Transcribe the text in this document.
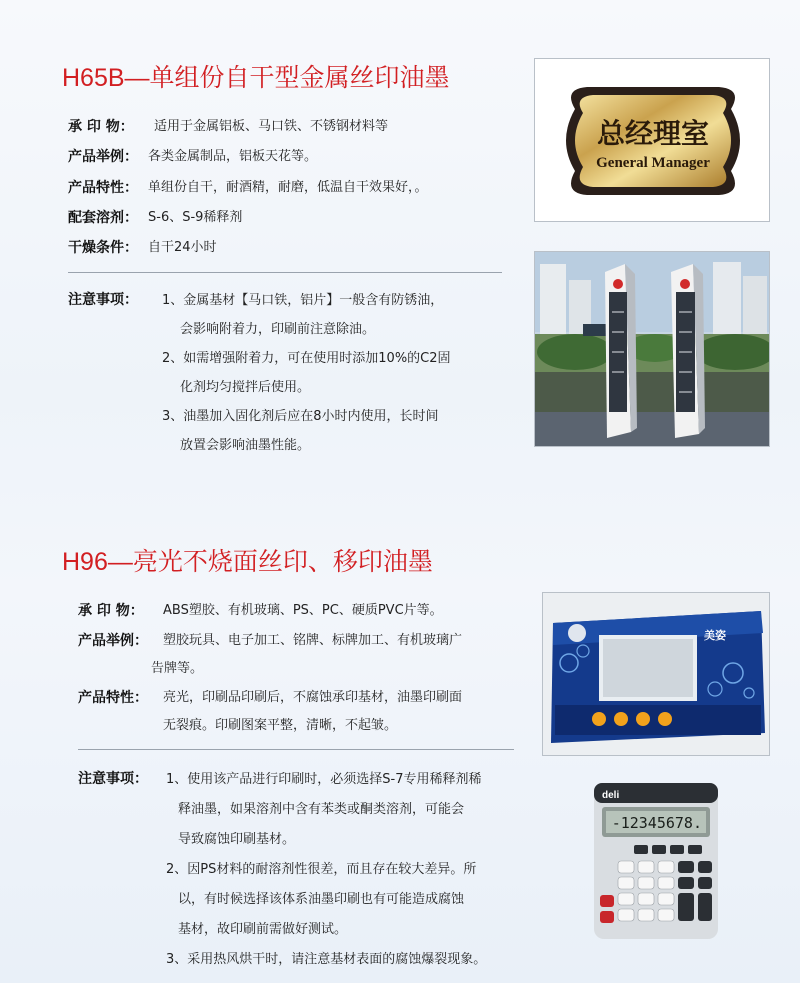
H65B—单组份自干型金属丝印油墨
承 印 物：	适用于金属铝板、马口铁、不锈钢材料等
产品举例： 各类金属制品，铝板天花等。
产品特性： 单组份自干，耐酒精，耐磨，低温自干效果好，。
配套溶剂： S-6、S-9稀释剂
干燥条件： 自干24小时
注意事项： 1、金属基材【马口铁，铝片】一般含有防锈油，
会影响附着力，印刷前注意除油。
2、如需增强附着力，可在使用时添加10%的C2固
化剂均匀搅拌后使用。
3、油墨加入固化剂后应在8小时内使用，长时间
放置会影响油墨性能。
总经理室
General Manager
H96—亮光不烧面丝印、移印油墨
承 印 物：	ABS塑胶、有机玻璃、PS、PC、硬质PVC片等。
产品举例：	塑胶玩具、电子加工、铭牌、标牌加工、有机玻璃广
告牌等。
产品特性：	亮光，印刷品印刷后，不腐蚀承印基材，油墨印刷面
无裂痕。印刷图案平整，清晰，不起皱。
注意事项： 1、使用该产品进行印刷时，必须选择S-7专用稀释剂稀
释油墨，如果溶剂中含有苯类或酮类溶剂，可能会
导致腐蚀印刷基材。
2、因PS材料的耐溶剂性很差，而且存在较大差异。所
以，有时候选择该体系油墨印刷也有可能造成腐蚀
基材，故印刷前需做好测试。
3、采用热风烘干时，请注意基材表面的腐蚀爆裂现象。
美姿
deli
-12345678.
